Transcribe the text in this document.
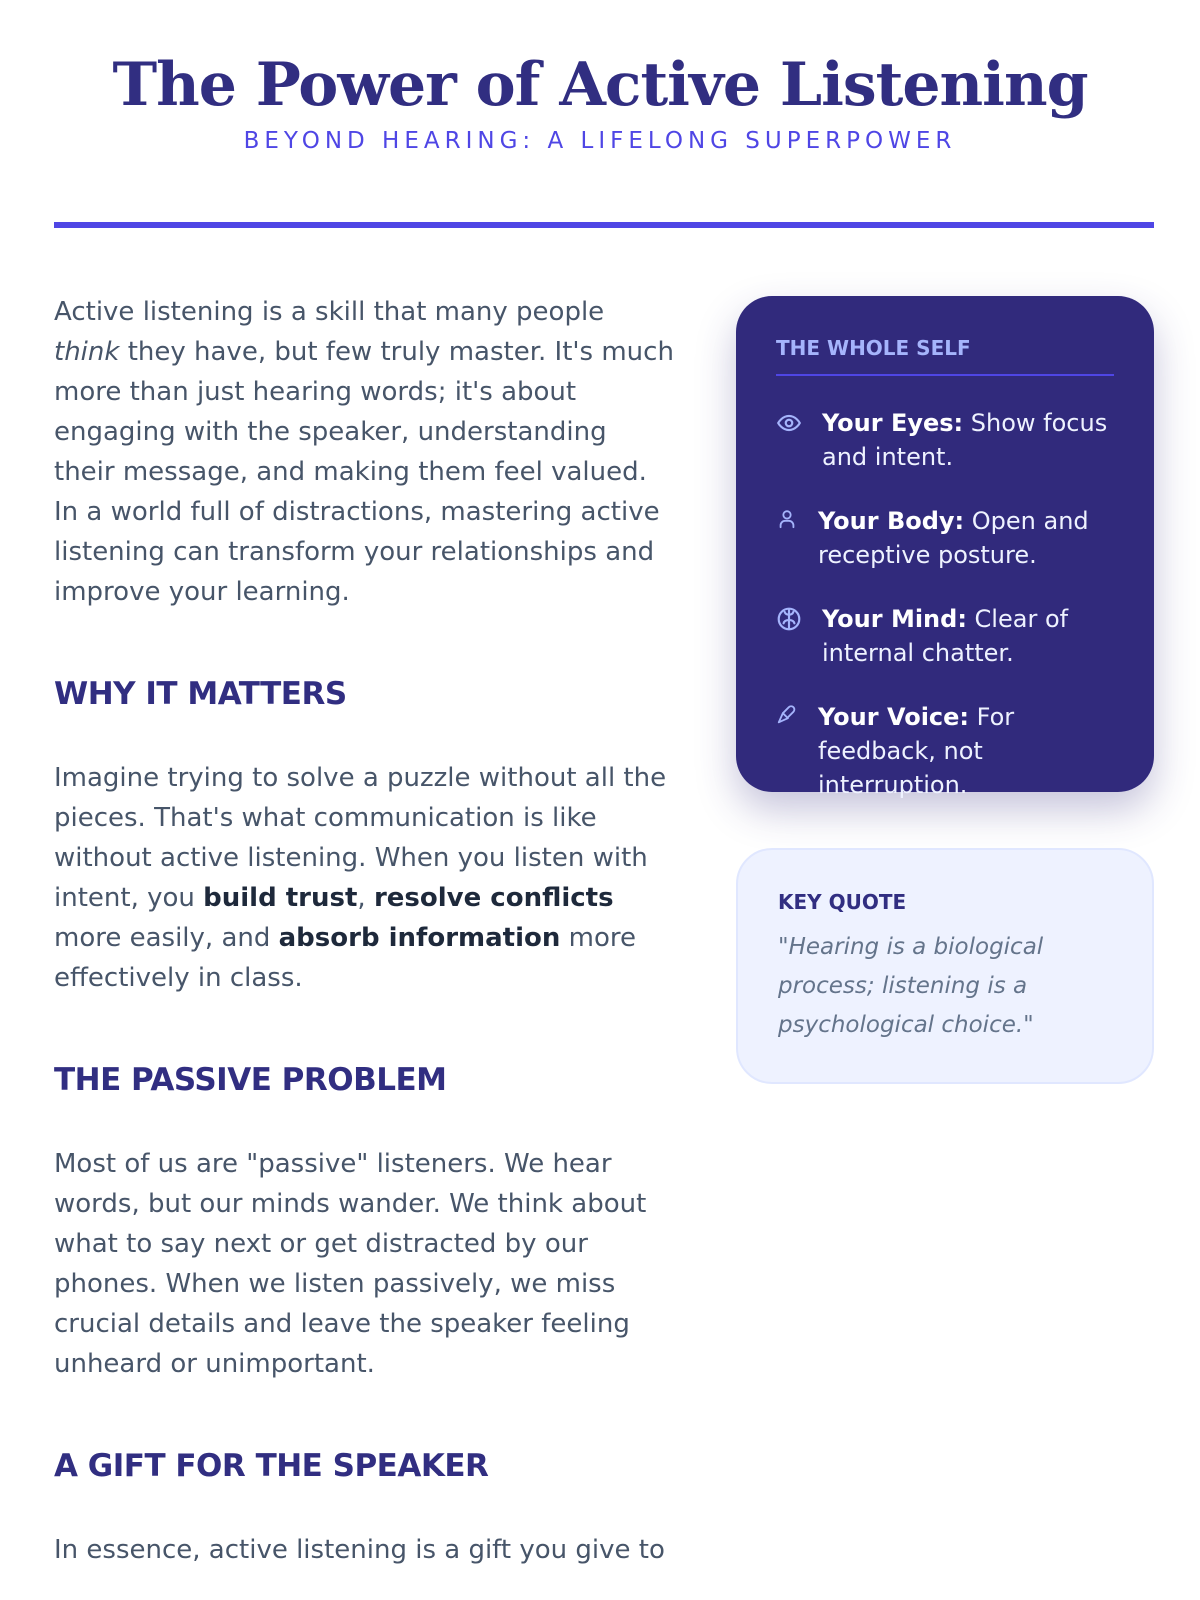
The Power of Active Listening
BEYOND HEARING: A LIFELONG SUPERPOWER

Active listening is a skill that many people think they have, but few truly master. It's much more than just hearing words; it's about engaging with the speaker, understanding their message, and making them feel valued. In a world full of distractions, mastering active listening can transform your relationships and improve your learning.

WHY IT MATTERS

Imagine trying to solve a puzzle without all the pieces. That's what communication is like without active listening. When you listen with intent, you build trust, resolve conflicts more easily, and absorb information more effectively in class.

THE PASSIVE PROBLEM

Most of us are "passive" listeners. We hear words, but our minds wander. We think about what to say next or get distracted by our phones. When we listen passively, we miss crucial details and leave the speaker feeling unheard or unimportant.

A GIFT FOR THE SPEAKER

In essence, active listening is a gift you give to

THE WHOLE SELF
Your Eyes: Show focus and intent.
Your Body: Open and receptive posture.
Your Mind: Clear of internal chatter.
Your Voice: For feedback, not interruption.
KEY QUOTE
"Hearing is a biological process; listening is a psychological choice."
